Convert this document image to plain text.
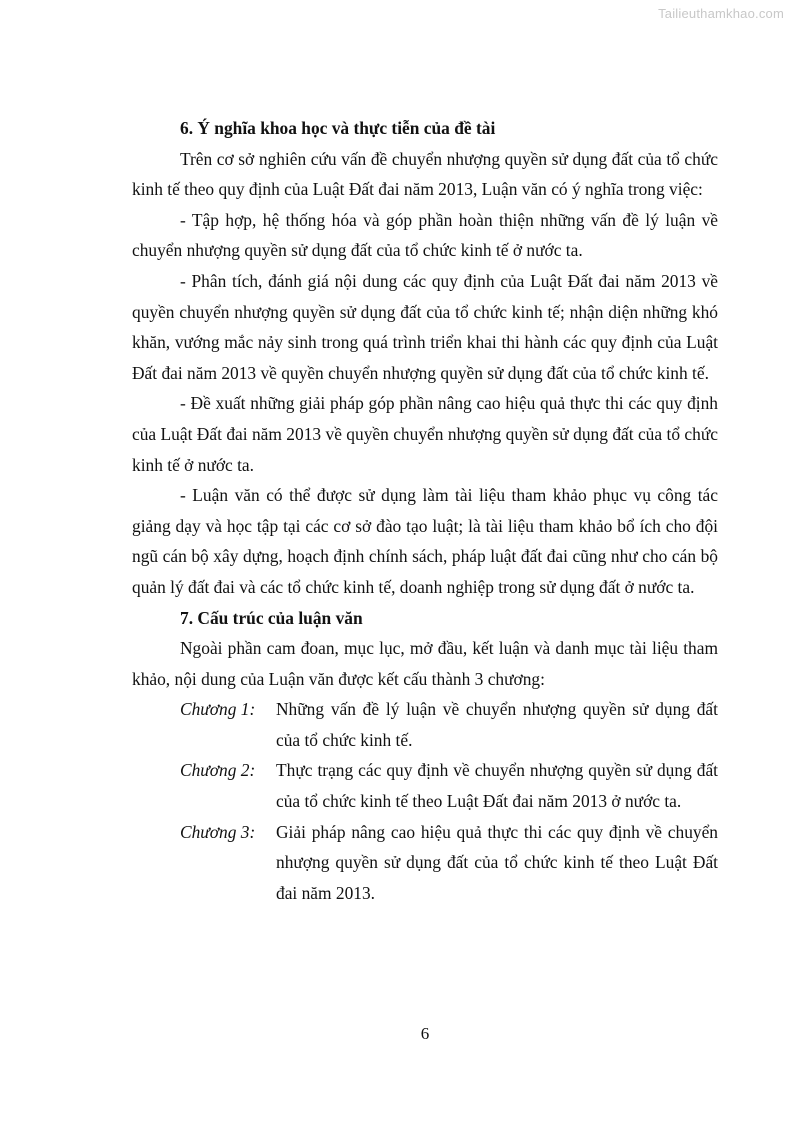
Tailieuthamkhao.com

6. Ý nghĩa khoa học và thực tiễn của đề tài

Trên cơ sở nghiên cứu vấn đề chuyển nhượng quyền sử dụng đất của tổ chức kinh tế theo quy định của Luật Đất đai năm 2013, Luận văn có ý nghĩa trong việc:

- Tập hợp, hệ thống hóa và góp phần hoàn thiện những vấn đề lý luận về chuyển nhượng quyền sử dụng đất của tổ chức kinh tế ở nước ta.

- Phân tích, đánh giá nội dung các quy định của Luật Đất đai năm 2013 về quyền chuyển nhượng quyền sử dụng đất của tổ chức kinh tế; nhận diện những khó khăn, vướng mắc nảy sinh trong quá trình triển khai thi hành các quy định của Luật Đất đai năm 2013 về quyền chuyển nhượng quyền sử dụng đất của tổ chức kinh tế.

- Đề xuất những giải pháp góp phần nâng cao hiệu quả thực thi các quy định của Luật Đất đai năm 2013 về quyền chuyển nhượng quyền sử dụng đất của tổ chức kinh tế ở nước ta.

- Luận văn có thể được sử dụng làm tài liệu tham khảo phục vụ công tác giảng dạy và học tập tại các cơ sở đào tạo luật; là tài liệu tham khảo bổ ích cho đội ngũ cán bộ xây dựng, hoạch định chính sách, pháp luật đất đai cũng như cho cán bộ quản lý đất đai và các tổ chức kinh tế, doanh nghiệp trong sử dụng đất ở nước ta.

7. Cấu trúc của luận văn

Ngoài phần cam đoan, mục lục, mở đầu, kết luận và danh mục tài liệu tham khảo, nội dung của Luận văn được kết cấu thành 3 chương:

Chương 1:	Những vấn đề lý luận về chuyển nhượng quyền sử dụng đất của tổ chức kinh tế.
Chương 2:	Thực trạng các quy định về chuyển nhượng quyền sử dụng đất của tổ chức kinh tế theo Luật Đất đai năm 2013 ở nước ta.
Chương 3:	Giải pháp nâng cao hiệu quả thực thi các quy định về chuyển nhượng quyền sử dụng đất của tổ chức kinh tế theo Luật Đất đai năm 2013.
6
